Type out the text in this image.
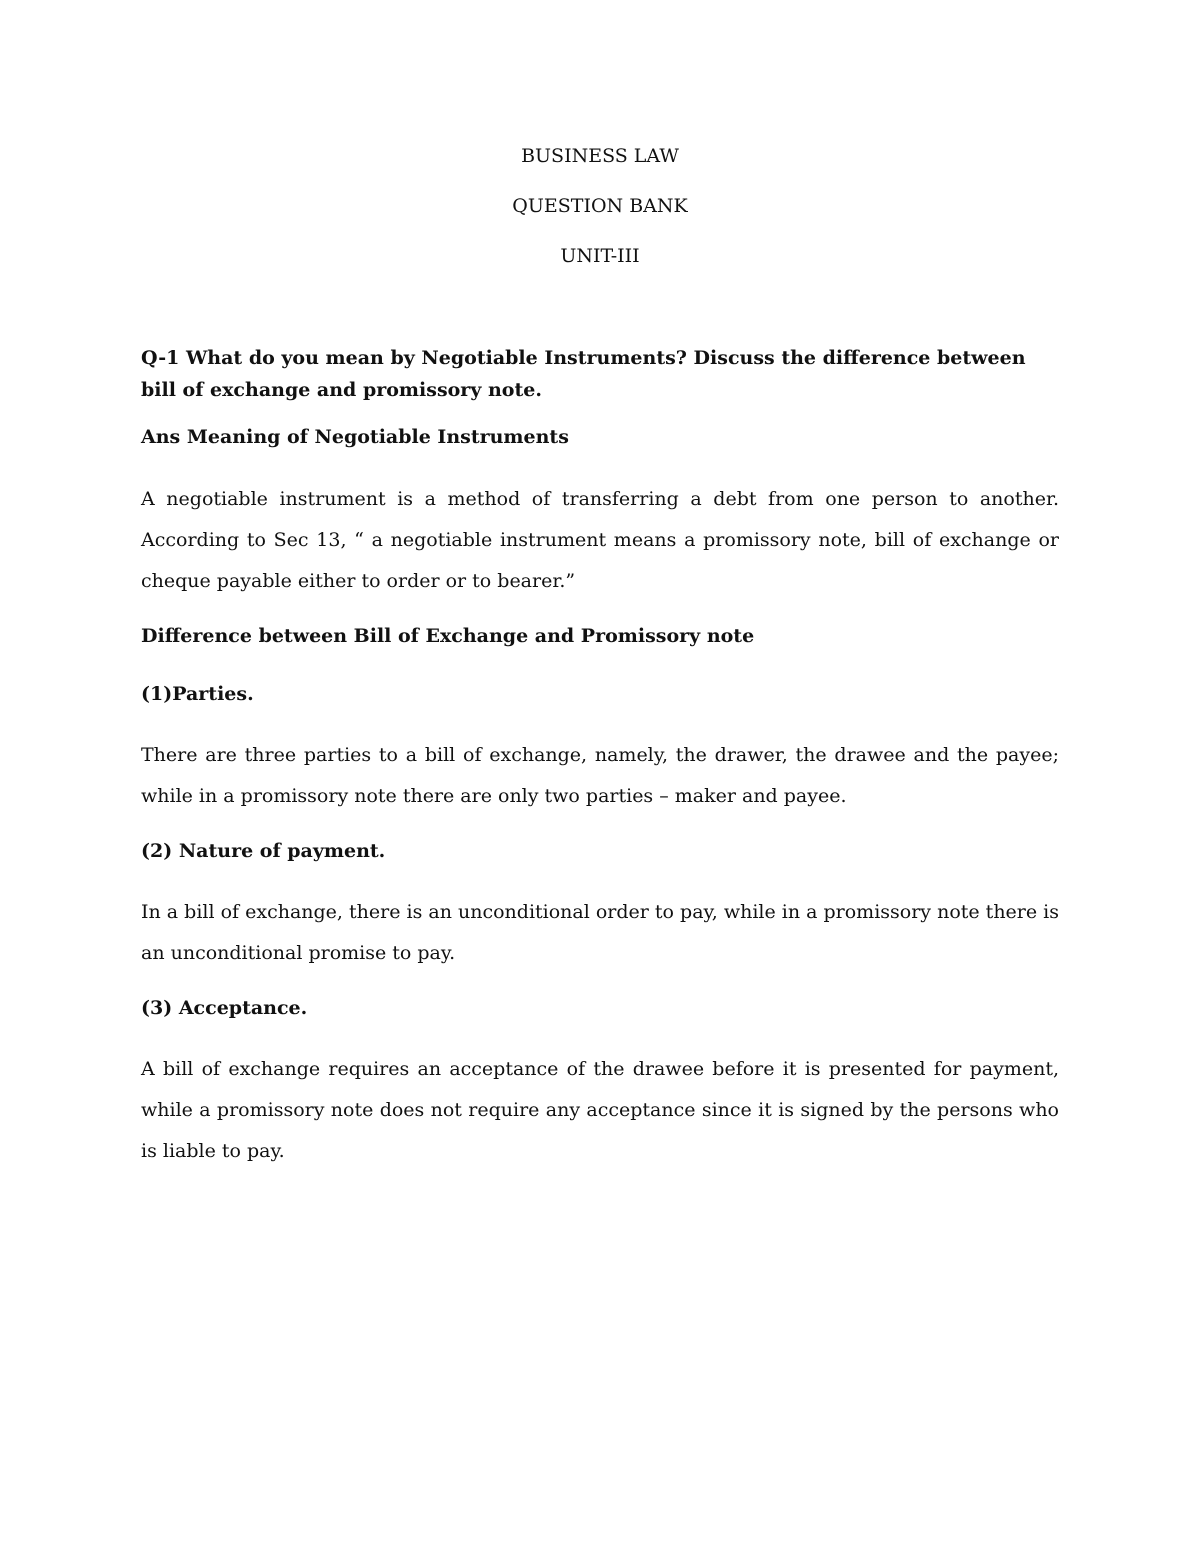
BUSINESS LAW

QUESTION BANK

UNIT-III

Q-1 What do you mean by Negotiable Instruments? Discuss the difference between bill of exchange and promissory note.

Ans Meaning of Negotiable Instruments

A negotiable instrument is a method of transferring a debt from one person to another. According to Sec 13, “ a negotiable instrument means a promissory note, bill of exchange or cheque payable either to order or to bearer.”

Difference between Bill of Exchange and Promissory note

(1)Parties.

There are three parties to a bill of exchange, namely, the drawer, the drawee and the payee; while in a promissory note there are only two parties – maker and payee.

(2) Nature of payment.

In a bill of exchange, there is an unconditional order to pay, while in a promissory note there is an unconditional promise to pay.

(3) Acceptance.

A bill of exchange requires an acceptance of the drawee before it is presented for payment, while a promissory note does not require any acceptance since it is signed by the persons who is liable to pay.
